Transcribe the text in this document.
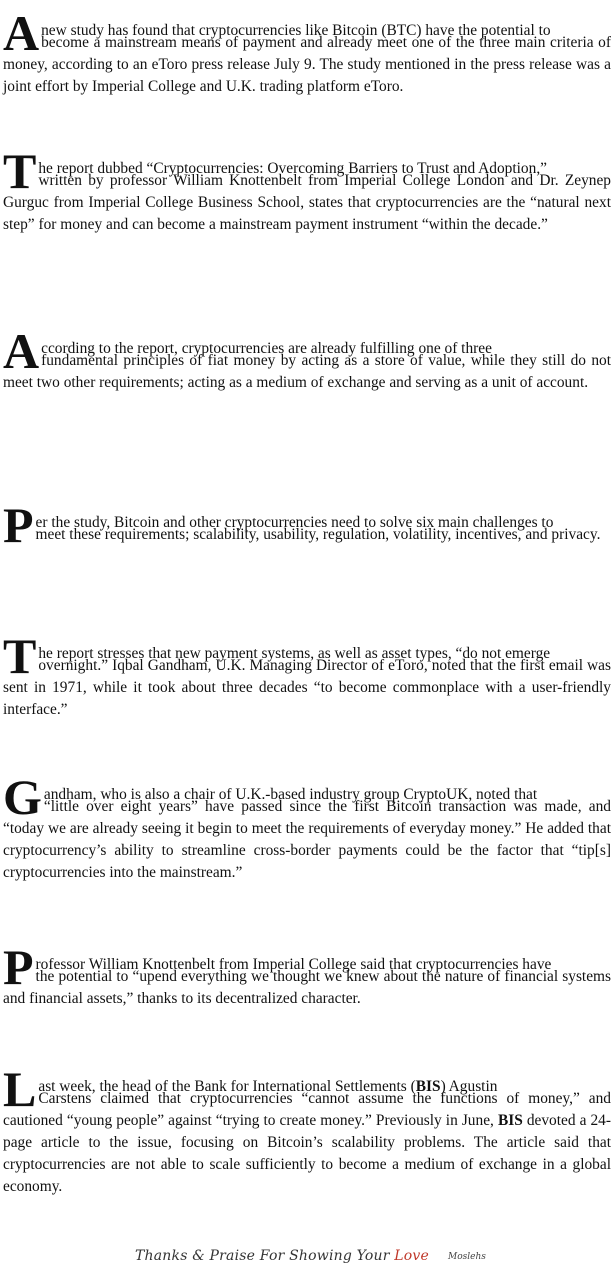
A new study has found that cryptocurrencies like Bitcoin (BTC) have the potential to
become a mainstream means of payment and already meet one of the three main criteria of money, according to an eToro press release July 9. The study mentioned in the press release was a joint effort by Imperial College and U.K. trading platform eToro.
T he report dubbed “Cryptocurrencies: Overcoming Barriers to Trust and Adoption,”
written by professor William Knottenbelt from Imperial College London and Dr. Zeynep Gurguc from Imperial College Business School, states that cryptocurrencies are the “natural next step” for money and can become a mainstream payment instrument “within the decade.”
A ccording to the report, cryptocurrencies are already fulfilling one of three
fundamental principles of fiat money by acting as a store of value, while they still do not meet two other requirements; acting as a medium of exchange and serving as a unit of account.
P er the study, Bitcoin and other cryptocurrencies need to solve six main challenges to
meet these requirements; scalability, usability, regulation, volatility, incentives, and privacy.
T he report stresses that new payment systems, as well as asset types, “do not emerge
overnight.” Iqbal Gandham, U.K. Managing Director of eToro, noted that the first email was sent in 1971, while it took about three decades “to become commonplace with a user-friendly interface.”
G andham, who is also a chair of U.K.-based industry group CryptoUK, noted that
“little over eight years” have passed since the first Bitcoin transaction was made, and “today we are already seeing it begin to meet the requirements of everyday money.” He added that cryptocurrency’s ability to streamline cross-border payments could be the factor that “tip[s] cryptocurrencies into the mainstream.”
P rofessor William Knottenbelt from Imperial College said that cryptocurrencies have
the potential to “upend everything we thought we knew about the nature of financial systems and financial assets,” thanks to its decentralized character.
L ast week, the head of the Bank for International Settlements (BIS) Agustin
Carstens claimed that cryptocurrencies “cannot assume the functions of money,” and cautioned “young people” against “trying to create money.” Previously in June, BIS devoted a 24-page article to the issue, focusing on Bitcoin’s scalability problems. The article said that cryptocurrencies are not able to scale sufficiently to become a medium of exchange in a global economy.
Thanks & Praise For Showing Your Love Moslehs
